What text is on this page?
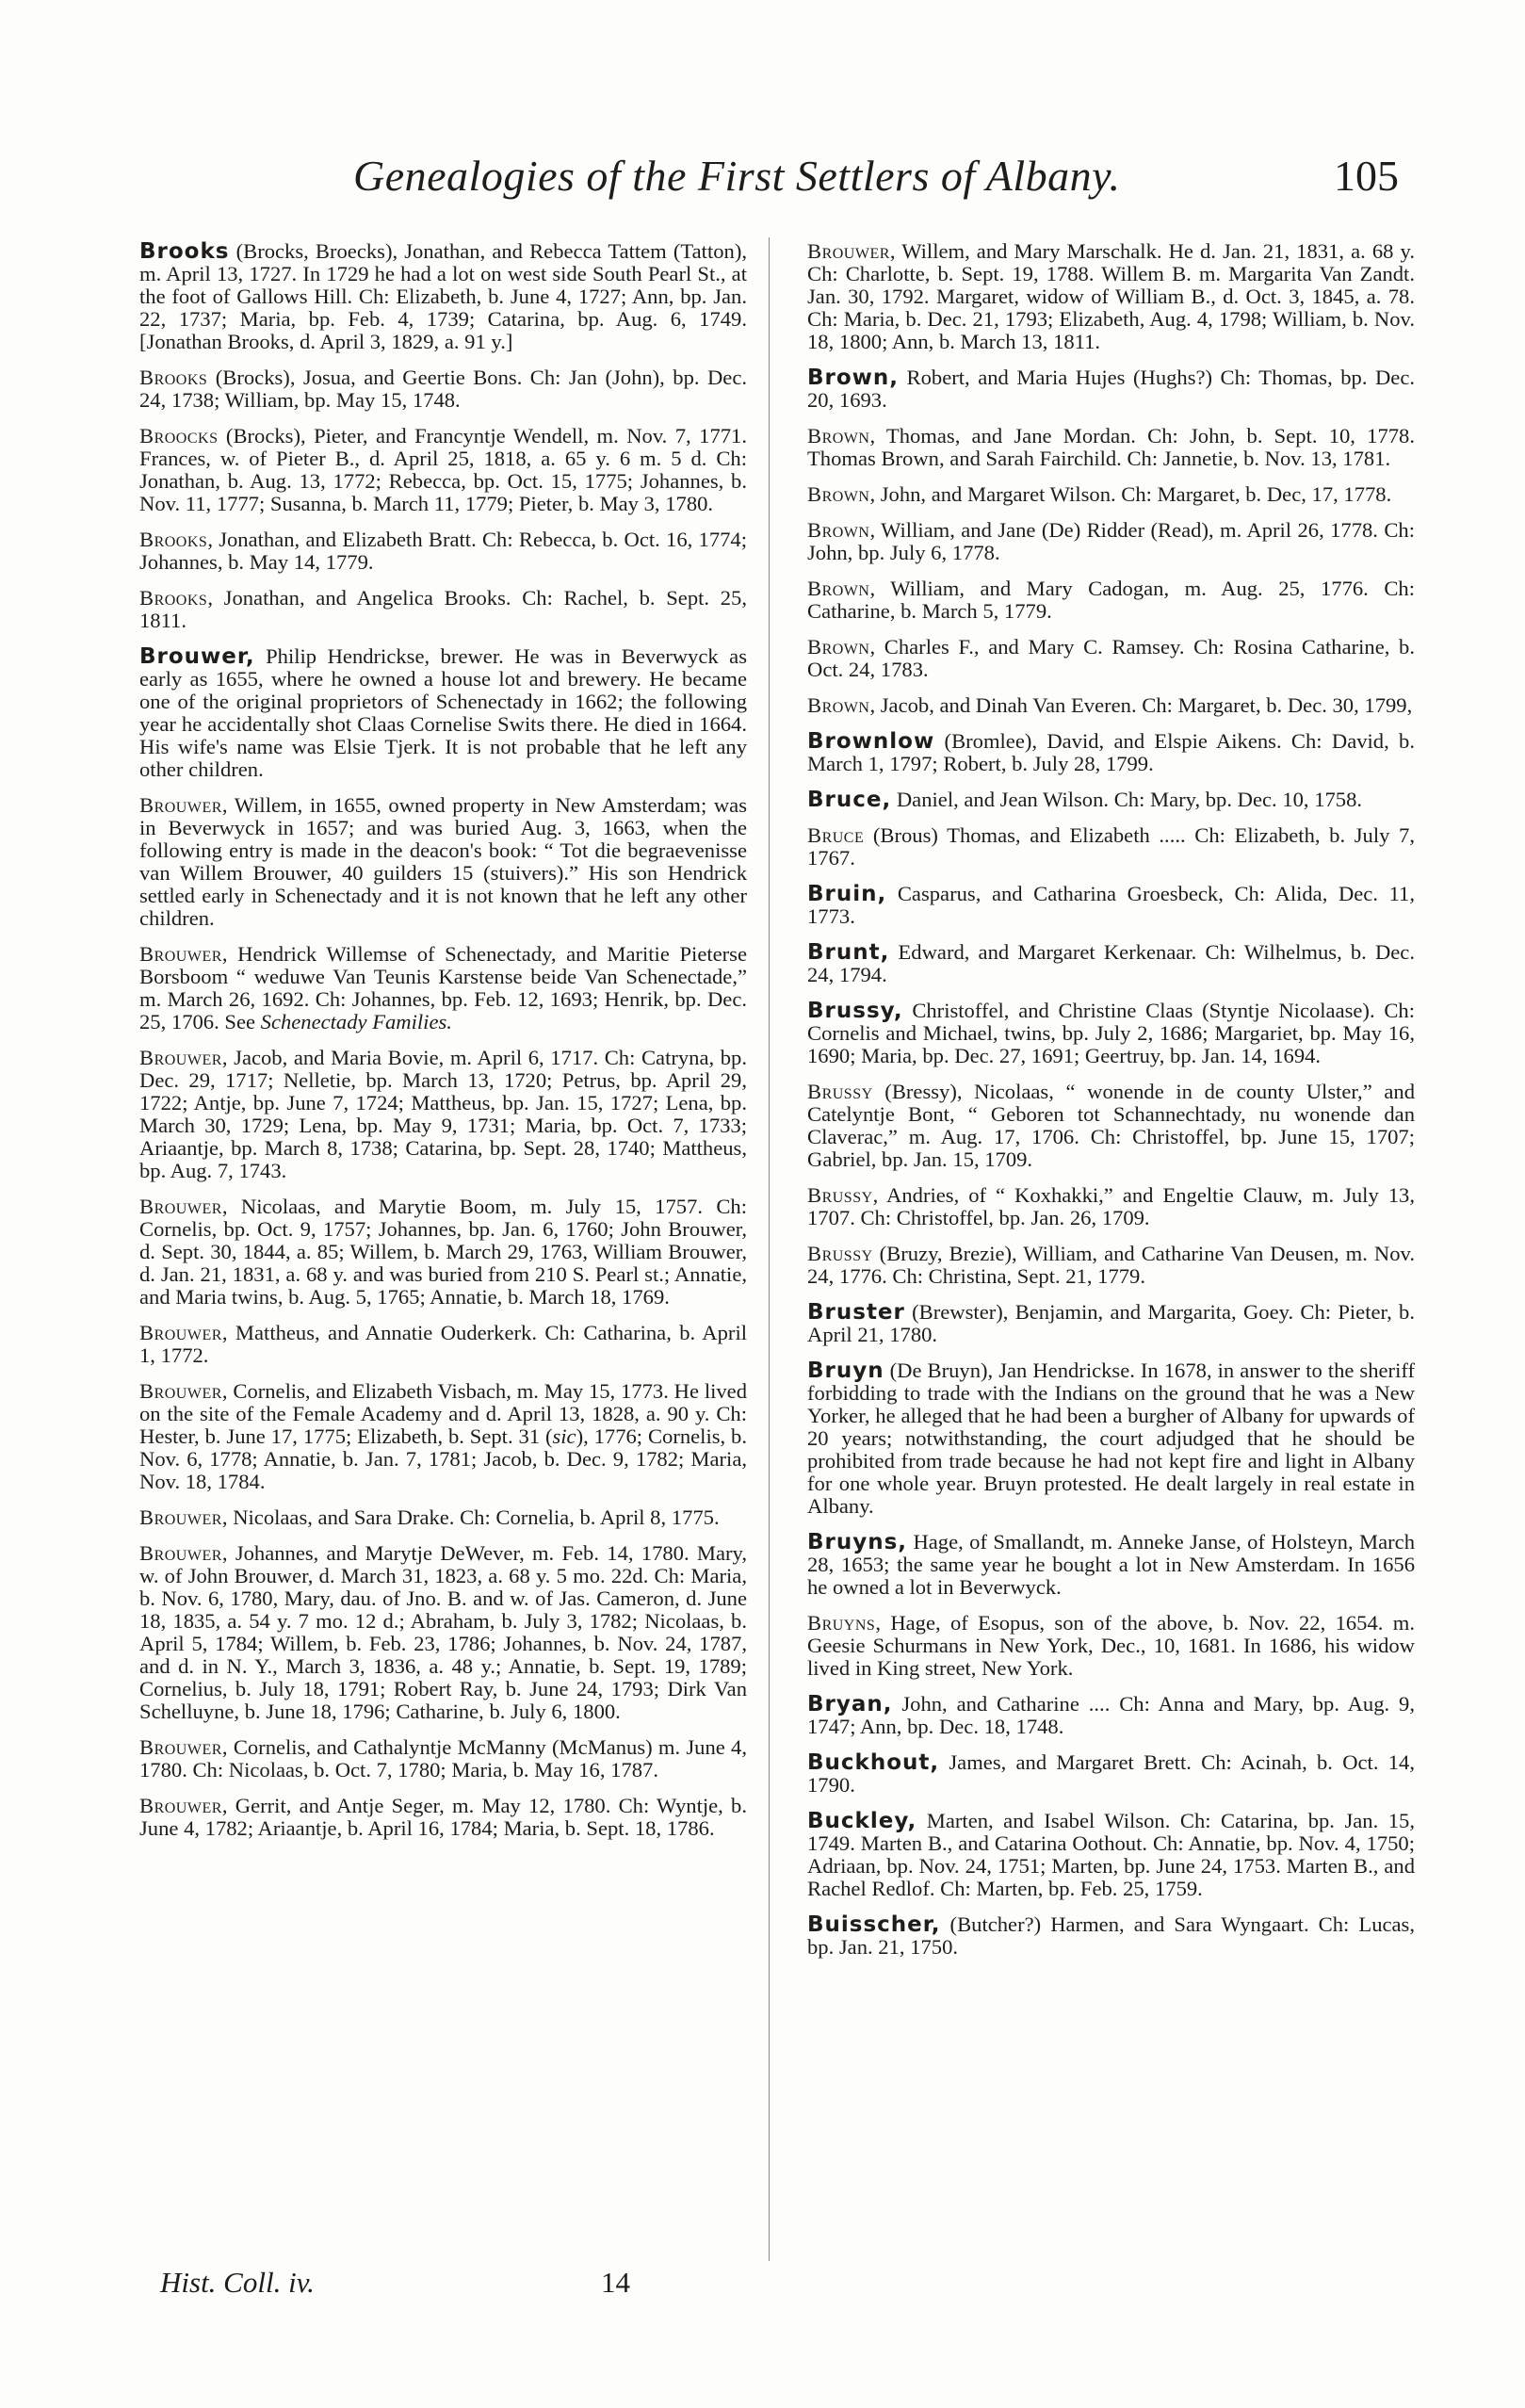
Genealogies of the First Settlers of Albany.	105

Brooks (Brocks, Broecks), Jonathan, and Rebecca Tattem (Tatton), m. April 13, 1727. In 1729 he had a lot on west side South Pearl St., at the foot of Gallows Hill. Ch: Elizabeth, b. June 4, 1727; Ann, bp. Jan. 22, 1737; Maria, bp. Feb. 4, 1739; Catarina, bp. Aug. 6, 1749. [Jonathan Brooks, d. April 3, 1829, a. 91 y.]

Brooks (Brocks), Josua, and Geertie Bons. Ch: Jan (John), bp. Dec. 24, 1738; William, bp. May 15, 1748.

Broocks (Brocks), Pieter, and Francyntje Wendell, m. Nov. 7, 1771. Frances, w. of Pieter B., d. April 25, 1818, a. 65 y. 6 m. 5 d. Ch: Jonathan, b. Aug. 13, 1772; Rebecca, bp. Oct. 15, 1775; Johannes, b. Nov. 11, 1777; Susanna, b. March 11, 1779; Pieter, b. May 3, 1780.

Brooks, Jonathan, and Elizabeth Bratt. Ch: Rebecca, b. Oct. 16, 1774; Johannes, b. May 14, 1779.

Brooks, Jonathan, and Angelica Brooks. Ch: Rachel, b. Sept. 25, 1811.

Brouwer, Philip Hendrickse, brewer. He was in Beverwyck as early as 1655, where he owned a house lot and brewery. He became one of the original proprietors of Schenectady in 1662; the following year he accidentally shot Claas Cornelise Swits there. He died in 1664. His wife's name was Elsie Tjerk. It is not probable that he left any other children.

Brouwer, Willem, in 1655, owned property in New Amsterdam; was in Beverwyck in 1657; and was buried Aug. 3, 1663, when the following entry is made in the deacon's book: “ Tot die begraevenisse van Willem Brouwer, 40 guilders 15 (stuivers).” His son Hendrick settled early in Schenectady and it is not known that he left any other children.

Brouwer, Hendrick Willemse of Schenectady, and Maritie Pieterse Borsboom “ weduwe Van Teunis Karstense beide Van Schenectade,” m. March 26, 1692. Ch: Johannes, bp. Feb. 12, 1693; Henrik, bp. Dec. 25, 1706. See Schenectady Families.

Brouwer, Jacob, and Maria Bovie, m. April 6, 1717. Ch: Catryna, bp. Dec. 29, 1717; Nelletie, bp. March 13, 1720; Petrus, bp. April 29, 1722; Antje, bp. June 7, 1724; Mattheus, bp. Jan. 15, 1727; Lena, bp. March 30, 1729; Lena, bp. May 9, 1731; Maria, bp. Oct. 7, 1733; Ariaantje, bp. March 8, 1738; Catarina, bp. Sept. 28, 1740; Mattheus, bp. Aug. 7, 1743.

Brouwer, Nicolaas, and Marytie Boom, m. July 15, 1757. Ch: Cornelis, bp. Oct. 9, 1757; Johannes, bp. Jan. 6, 1760; John Brouwer, d. Sept. 30, 1844, a. 85; Willem, b. March 29, 1763, William Brouwer, d. Jan. 21, 1831, a. 68 y. and was buried from 210 S. Pearl st.; Annatie, and Maria twins, b. Aug. 5, 1765; Annatie, b. March 18, 1769.

Brouwer, Mattheus, and Annatie Ouderkerk. Ch: Catharina, b. April 1, 1772.

Brouwer, Cornelis, and Elizabeth Visbach, m. May 15, 1773. He lived on the site of the Female Academy and d. April 13, 1828, a. 90 y. Ch: Hester, b. June 17, 1775; Elizabeth, b. Sept. 31 (sic), 1776; Cornelis, b. Nov. 6, 1778; Annatie, b. Jan. 7, 1781; Jacob, b. Dec. 9, 1782; Maria, Nov. 18, 1784.

Brouwer, Nicolaas, and Sara Drake. Ch: Cornelia, b. April 8, 1775.

Brouwer, Johannes, and Marytje DeWever, m. Feb. 14, 1780. Mary, w. of John Brouwer, d. March 31, 1823, a. 68 y. 5 mo. 22d. Ch: Maria, b. Nov. 6, 1780, Mary, dau. of Jno. B. and w. of Jas. Cameron, d. June 18, 1835, a. 54 y. 7 mo. 12 d.; Abraham, b. July 3, 1782; Nicolaas, b. April 5, 1784; Willem, b. Feb. 23, 1786; Johannes, b. Nov. 24, 1787, and d. in N. Y., March 3, 1836, a. 48 y.; Annatie, b. Sept. 19, 1789; Cornelius, b. July 18, 1791; Robert Ray, b. June 24, 1793; Dirk Van Schelluyne, b. June 18, 1796; Catharine, b. July 6, 1800.

Brouwer, Cornelis, and Cathalyntje McManny (McManus) m. June 4, 1780. Ch: Nicolaas, b. Oct. 7, 1780; Maria, b. May 16, 1787.

Brouwer, Gerrit, and Antje Seger, m. May 12, 1780. Ch: Wyntje, b. June 4, 1782; Ariaantje, b. April 16, 1784; Maria, b. Sept. 18, 1786.

Brouwer, Willem, and Mary Marschalk. He d. Jan. 21, 1831, a. 68 y. Ch: Charlotte, b. Sept. 19, 1788. Willem B. m. Margarita Van Zandt. Jan. 30, 1792. Margaret, widow of William B., d. Oct. 3, 1845, a. 78. Ch: Maria, b. Dec. 21, 1793; Elizabeth, Aug. 4, 1798; William, b. Nov. 18, 1800; Ann, b. March 13, 1811.

Brown, Robert, and Maria Hujes (Hughs?) Ch: Thomas, bp. Dec. 20, 1693.

Brown, Thomas, and Jane Mordan. Ch: John, b. Sept. 10, 1778. Thomas Brown, and Sarah Fairchild. Ch: Jannetie, b. Nov. 13, 1781.

Brown, John, and Margaret Wilson. Ch: Margaret, b. Dec, 17, 1778.

Brown, William, and Jane (De) Ridder (Read), m. April 26, 1778. Ch: John, bp. July 6, 1778.

Brown, William, and Mary Cadogan, m. Aug. 25, 1776. Ch: Catharine, b. March 5, 1779.

Brown, Charles F., and Mary C. Ramsey. Ch: Rosina Catharine, b. Oct. 24, 1783.

Brown, Jacob, and Dinah Van Everen. Ch: Margaret, b. Dec. 30, 1799,

Brownlow (Bromlee), David, and Elspie Aikens. Ch: David, b. March 1, 1797; Robert, b. July 28, 1799.

Bruce, Daniel, and Jean Wilson. Ch: Mary, bp. Dec. 10, 1758.

Bruce (Brous) Thomas, and Elizabeth ..... Ch: Elizabeth, b. July 7, 1767.

Bruin, Casparus, and Catharina Groesbeck, Ch: Alida, Dec. 11, 1773.

Brunt, Edward, and Margaret Kerkenaar. Ch: Wilhelmus, b. Dec. 24, 1794.

Brussy, Christoffel, and Christine Claas (Styntje Nicolaase). Ch: Cornelis and Michael, twins, bp. July 2, 1686; Margariet, bp. May 16, 1690; Maria, bp. Dec. 27, 1691; Geertruy, bp. Jan. 14, 1694.

Brussy (Bressy), Nicolaas, “ wonende in de county Ulster,” and Catelyntje Bont, “ Geboren tot Schannechtady, nu wonende dan Claverac,” m. Aug. 17, 1706. Ch: Christoffel, bp. June 15, 1707; Gabriel, bp. Jan. 15, 1709.

Brussy, Andries, of “ Koxhakki,” and Engeltie Clauw, m. July 13, 1707. Ch: Christoffel, bp. Jan. 26, 1709.

Brussy (Bruzy, Brezie), William, and Catharine Van Deusen, m. Nov. 24, 1776. Ch: Christina, Sept. 21, 1779.

Bruster (Brewster), Benjamin, and Margarita, Goey. Ch: Pieter, b. April 21, 1780.

Bruyn (De Bruyn), Jan Hendrickse. In 1678, in answer to the sheriff forbidding to trade with the Indians on the ground that he was a New Yorker, he alleged that he had been a burgher of Albany for upwards of 20 years; notwithstanding, the court adjudged that he should be prohibited from trade because he had not kept fire and light in Albany for one whole year. Bruyn protested. He dealt largely in real estate in Albany.

Bruyns, Hage, of Smallandt, m. Anneke Janse, of Holsteyn, March 28, 1653; the same year he bought a lot in New Amsterdam. In 1656 he owned a lot in Beverwyck.

Bruyns, Hage, of Esopus, son of the above, b. Nov. 22, 1654. m. Geesie Schurmans in New York, Dec., 10, 1681. In 1686, his widow lived in King street, New York.

Bryan, John, and Catharine .... Ch: Anna and Mary, bp. Aug. 9, 1747; Ann, bp. Dec. 18, 1748.

Buckhout, James, and Margaret Brett. Ch: Acinah, b. Oct. 14, 1790.

Buckley, Marten, and Isabel Wilson. Ch: Catarina, bp. Jan. 15, 1749. Marten B., and Catarina Oothout. Ch: Annatie, bp. Nov. 4, 1750; Adriaan, bp. Nov. 24, 1751; Marten, bp. June 24, 1753. Marten B., and Rachel Redlof. Ch: Marten, bp. Feb. 25, 1759.

Buisscher, (Butcher?) Harmen, and Sara Wyngaart. Ch: Lucas, bp. Jan. 21, 1750.

Hist. Coll. iv.	14
